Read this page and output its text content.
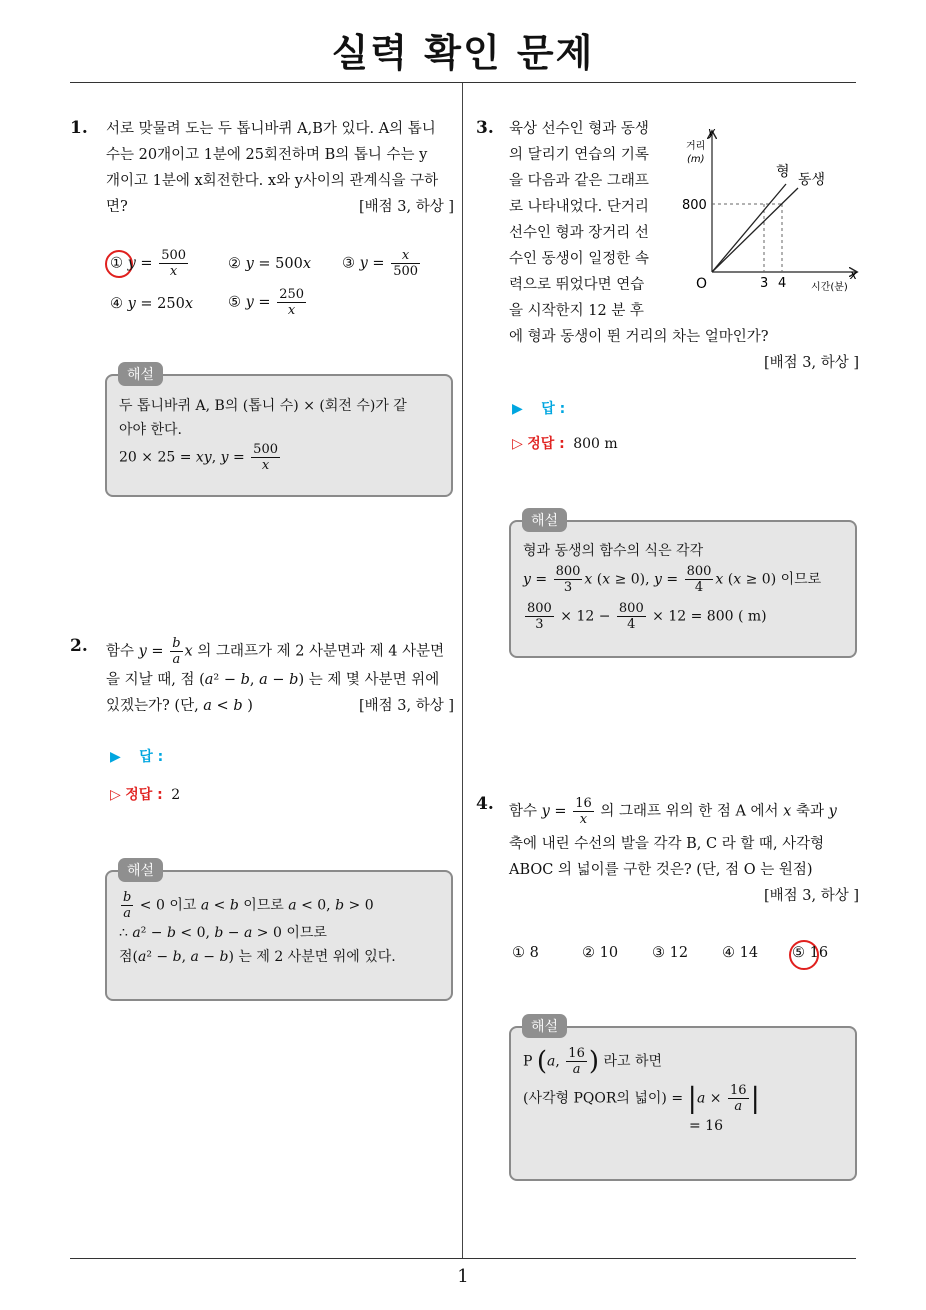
실력 확인 문제
1
1. 서로 맞물려 도는 두 톱니바퀴 A,B가 있다. A의 톱니
수는 20개이고 1분에 25회전하며 B의 톱니 수는 y
개이고 1분에 x회전한다. x와 y사이의 관계식을 구하
면?	[배점 3, 하상 ]
① $y = \frac{500}{x}$	② y = 500x ③ $y = \frac{x}{500}$
④ y = 250x ⑤ $y = \frac{250}{x}$
두 톱니바퀴 A, B의 (톱니 수) × (회전 수)가 같
아야 한다.
20 × 25 = xy, $y = \frac{500}{x}$
해설
2. 함수 $y = \frac{b}{a}$ x 의 그래프가 제 2 사분면과 제 4 사분면
을 지날 때, 점 (a² − b, a − b) 는 제 몇 사분면 위에
있겠는가? (단, a < b )	[배점 3, 하상 ]
▶ 답 :
▷ 정답 : 2
$\frac{b}{a} < 0$ 이고 a < b 이므로 a < 0, b > 0
∴ a² − b < 0, b − a > 0 이므로
점(a² − b, a − b) 는 제 2 사분면 위에 있다.
해설
3. 육상 선수인 형과 동생
의 달리기 연습의 기록
을 다음과 같은 그래프
로 나타내었다. 단거리
선수인 형과 장거리 선
수인 동생이 일정한 속
력으로 뛰었다면 연습
을 시작한지 12 분 후
에 형과 동생이 뛴 거리의 차는 얼마인가?
[배점 3, 하상 ]
y
거리
(m)
800
O	3 4
x
시간(분)
형 동생
▶ 답 :
▷ 정답 : 800 m
형과 동생의 함수의 식은 각각
$y = \frac{800}{3}$ x (x ≥ 0), $y = \frac{800}{4}$ x (x ≥ 0) 이므로
$\frac{800}{3} \times 12 - \frac{800}{4} \times 12 = 800$ ( m)
해설
4. 함수 $y = \frac{16}{x}$ 의 그래프 위의 한 점 A 에서 x 축과 y
축에 내린 수선의 발을 각각 B, C 라 할 때, 사각형
ABOC 의 넓이를 구한 것은? (단, 점 O 는 원점)
[배점 3, 하상 ]
① 8	② 10 ③ 12 ④ 14 ⑤ 16
P (a, $\frac{16}{a}$ ) 라고 하면
(사각형 PQOR의 넓이) = $|a \times \frac{16}{a}$ |
= 16
해설
